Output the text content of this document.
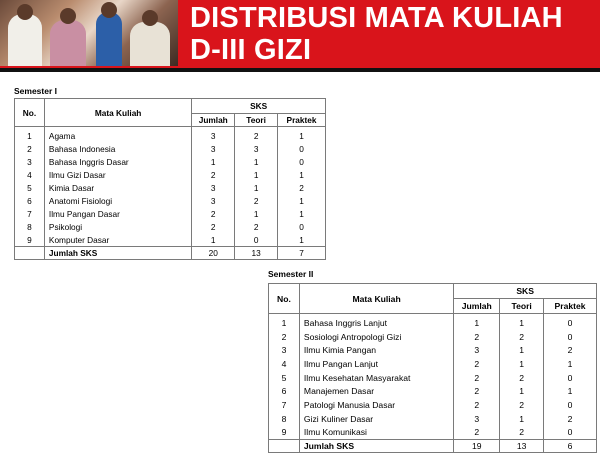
DISTRIBUSI MATA KULIAH
D-III GIZI
Semester I
No.	Mata Kuliah	SKS		
		Jumlah	Teori	Praktek
1	Agama	3	2	1
2	Bahasa Indonesia	3	3	0
3	Bahasa Inggris Dasar	1	1	0
4	Ilmu Gizi Dasar	2	1	1
5	Kimia Dasar	3	1	2
6	Anatomi Fisiologi	3	2	1
7	Ilmu Pangan Dasar	2	1	1
8	Psikologi	2	2	0
9	Komputer Dasar	1	0	1
	Jumlah SKS	20	13	7
Semester II
No.	Mata Kuliah	SKS		
		Jumlah	Teori	Praktek
1	Bahasa Inggris Lanjut	1	1	0
2	Sosiologi Antropologi Gizi	2	2	0
3	Ilmu Kimia Pangan	3	1	2
4	Ilmu Pangan Lanjut	2	1	1
5	Ilmu Kesehatan Masyarakat	2	2	0
6	Manajemen Dasar	2	1	1
7	Patologi Manusia Dasar	2	2	0
8	Gizi Kuliner Dasar	3	1	2
9	Ilmu Komunikasi	2	2	0
	Jumlah SKS	19	13	6
